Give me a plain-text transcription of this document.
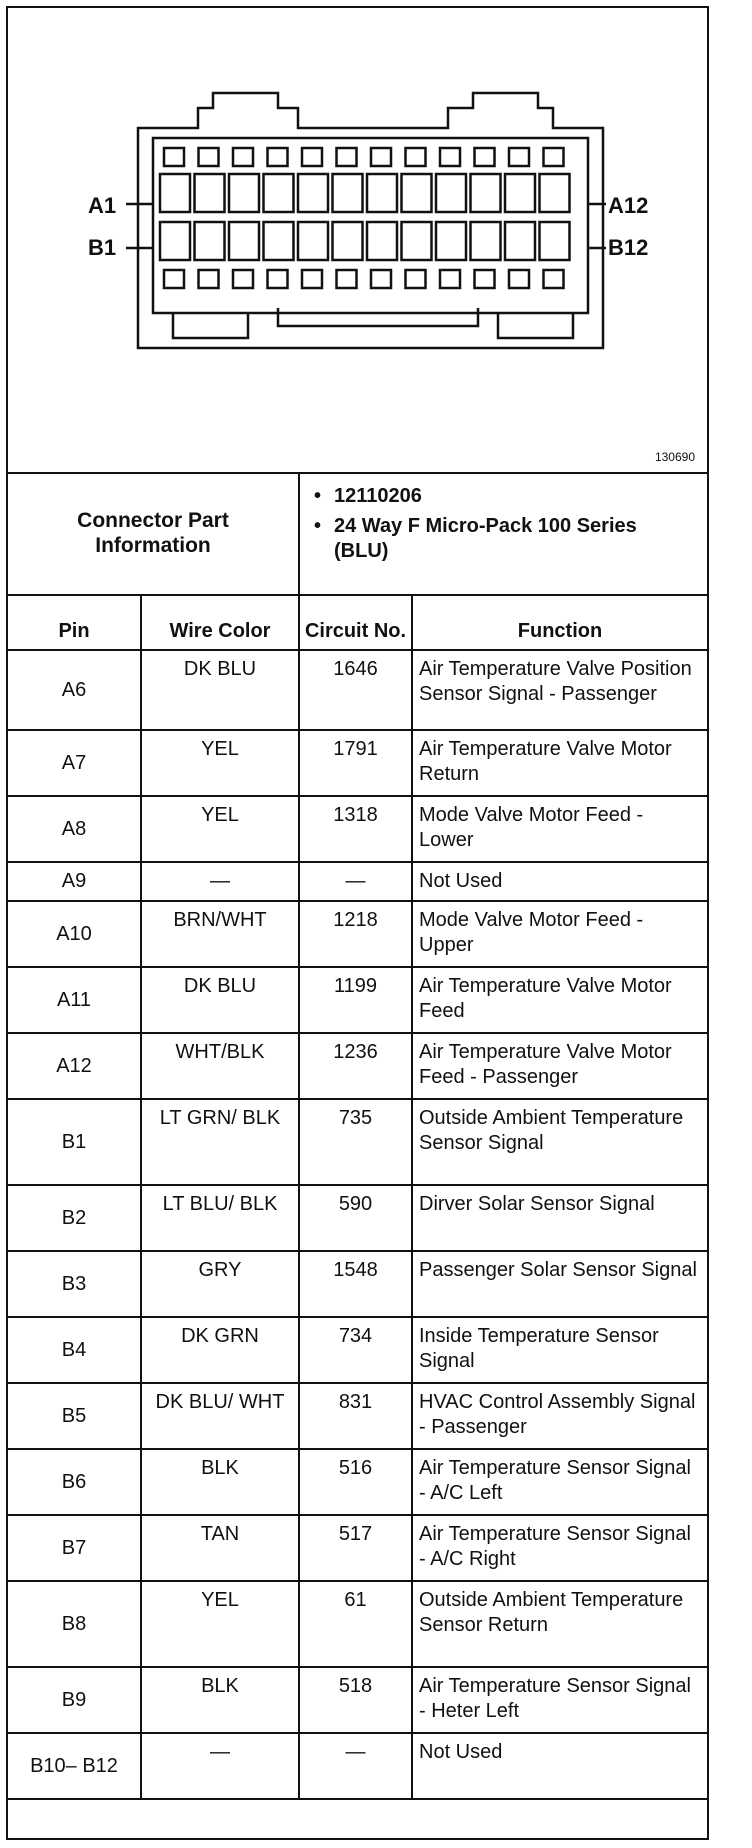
A1
B1
A12
B12
130690
Connector Part
Information
• 12110206
• 24 Way F Micro-Pack 100 Series (BLU)
Pin	Wire Color	Circuit No.	Function
A6	DK BLU	1646	Air Temperature Valve Position Sensor Signal - Passenger
A7	YEL	1791	Air Temperature Valve Motor Return
A8	YEL	1318	Mode Valve Motor Feed - Lower
A9	—	—	Not Used
A10	BRN/WHT	1218	Mode Valve Motor Feed - Upper
A11	DK BLU	1199	Air Temperature Valve Motor Feed
A12	WHT/BLK	1236	Air Temperature Valve Motor Feed - Passenger
B1	LT GRN/ BLK	735	Outside Ambient Temperature Sensor Signal
B2	LT BLU/ BLK	590	Dirver Solar Sensor Signal
B3	GRY	1548	Passenger Solar Sensor Signal
B4	DK GRN	734	Inside Temperature Sensor Signal
B5	DK BLU/ WHT	831	HVAC Control Assembly Signal - Passenger
B6	BLK	516	Air Temperature Sensor Signal - A/C Left
B7	TAN	517	Air Temperature Sensor Signal - A/C Right
B8	YEL	61	Outside Ambient Temperature Sensor Return
B9	BLK	518	Air Temperature Sensor Signal - Heter Left
B10– B12	—	—	Not Used
